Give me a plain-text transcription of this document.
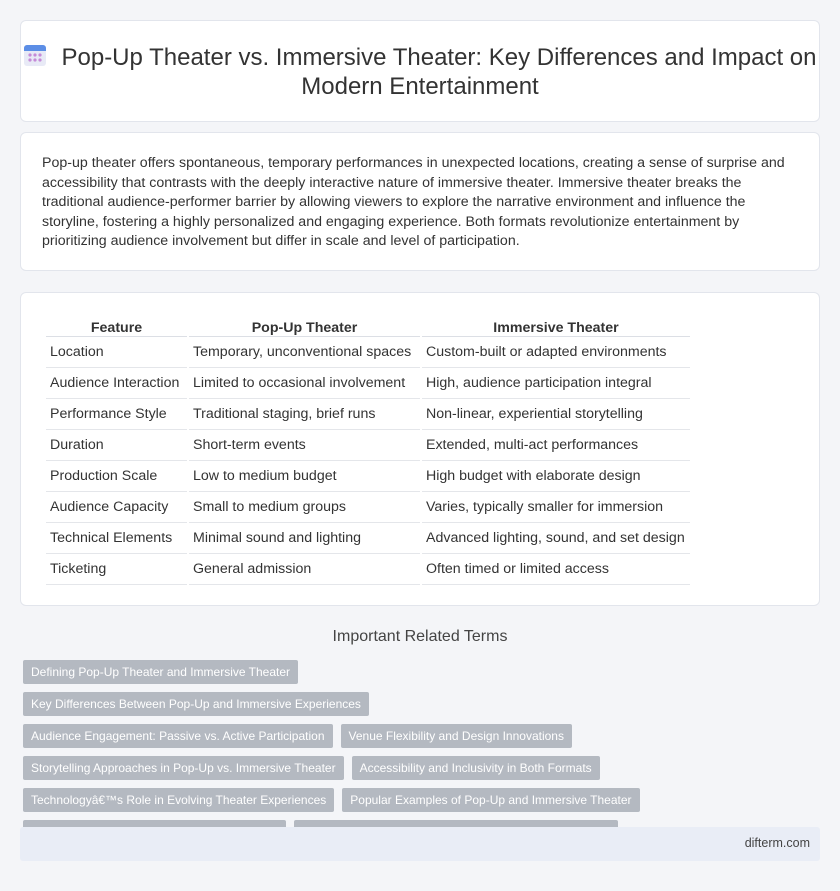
Pop-Up Theater vs. Immersive Theater: Key Differences and Impact on Modern Entertainment

Pop-up theater offers spontaneous, temporary performances in unexpected locations, creating a sense of surprise and accessibility that contrasts with the deeply interactive nature of immersive theater. Immersive theater breaks the traditional audience-performer barrier by allowing viewers to explore the narrative environment and influence the storyline, fostering a highly personalized and engaging experience. Both formats revolutionize entertainment by prioritizing audience involvement but differ in scale and level of participation.

Feature	Pop-Up Theater	Immersive Theater
Location	Temporary, unconventional spaces	Custom-built or adapted environments
Audience Interaction	Limited to occasional involvement	High, audience participation integral
Performance Style	Traditional staging, brief runs	Non-linear, experiential storytelling
Duration	Short-term events	Extended, multi-act performances
Production Scale	Low to medium budget	High budget with elaborate design
Audience Capacity	Small to medium groups	Varies, typically smaller for immersion
Technical Elements	Minimal sound and lighting	Advanced lighting, sound, and set design
Ticketing	General admission	Often timed or limited access
Important Related Terms
Defining Pop-Up Theater and Immersive Theater
Key Differences Between Pop-Up and Immersive Experiences
Audience Engagement: Passive vs. Active Participation	Venue Flexibility and Design Innovations
Storytelling Approaches in Pop-Up vs. Immersive Theater	Accessibility and Inclusivity in Both Formats
Technologyâ€™s Role in Evolving Theater Experiences	Popular Examples of Pop-Up and Immersive Theater
difterm.com
